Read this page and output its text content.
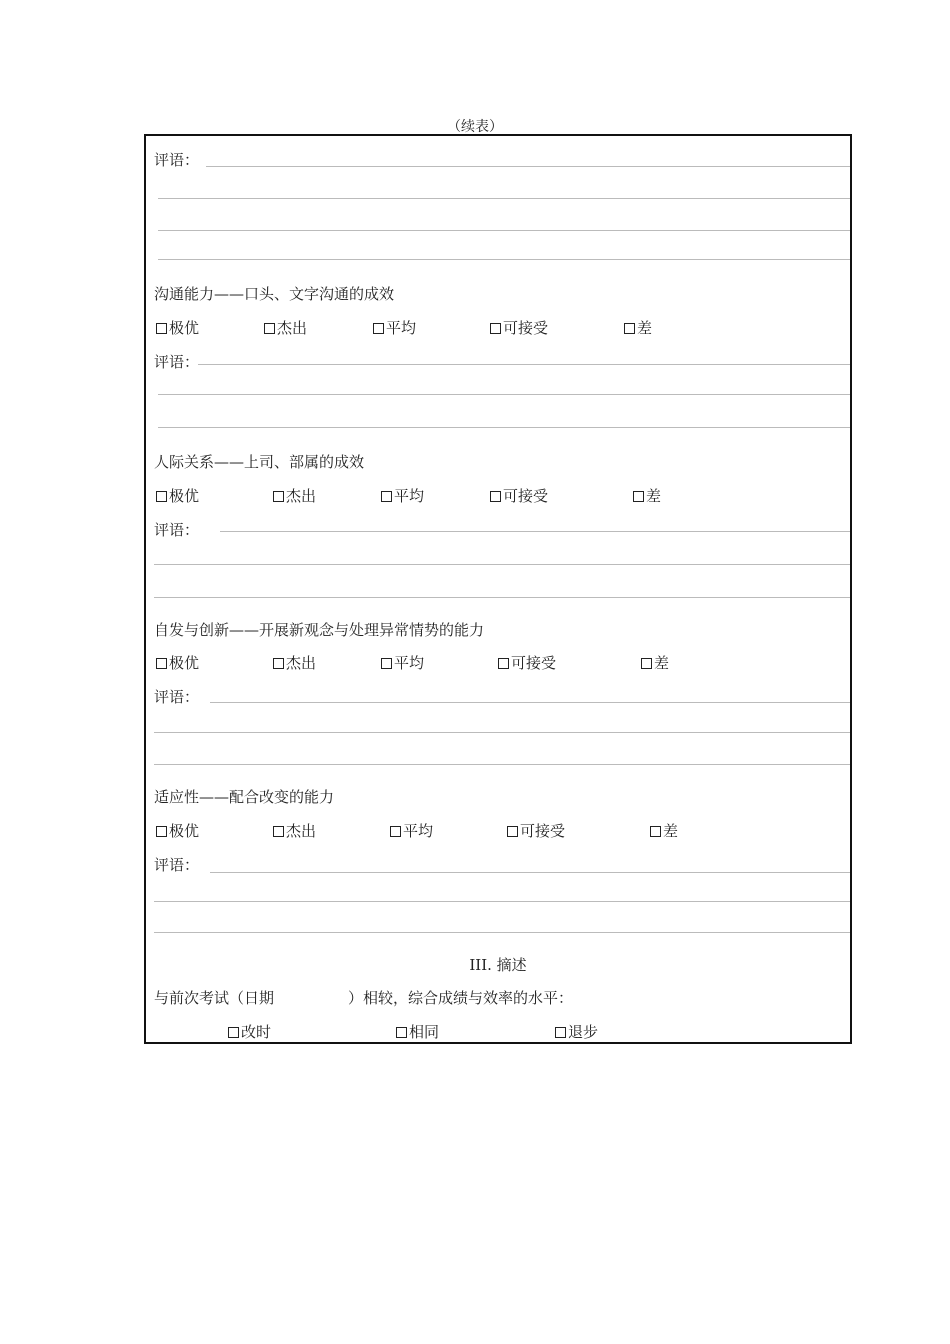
（续表）
评语：
沟通能力——口头、文字沟通的成效
极优	杰出	平均	可接受	差
评语：
人际关系——上司、部属的成效
极优	杰出	平均	可接受	差
评语：
自发与创新——开展新观念与处理异常情势的能力
极优	杰出	平均	可接受	差
评语：
适应性——配合改变的能力
极优	杰出	平均	可接受	差
评语：
III. 摘述
与前次考试（日期	）相较，综合成绩与效率的水平：
改时	相同	退步
